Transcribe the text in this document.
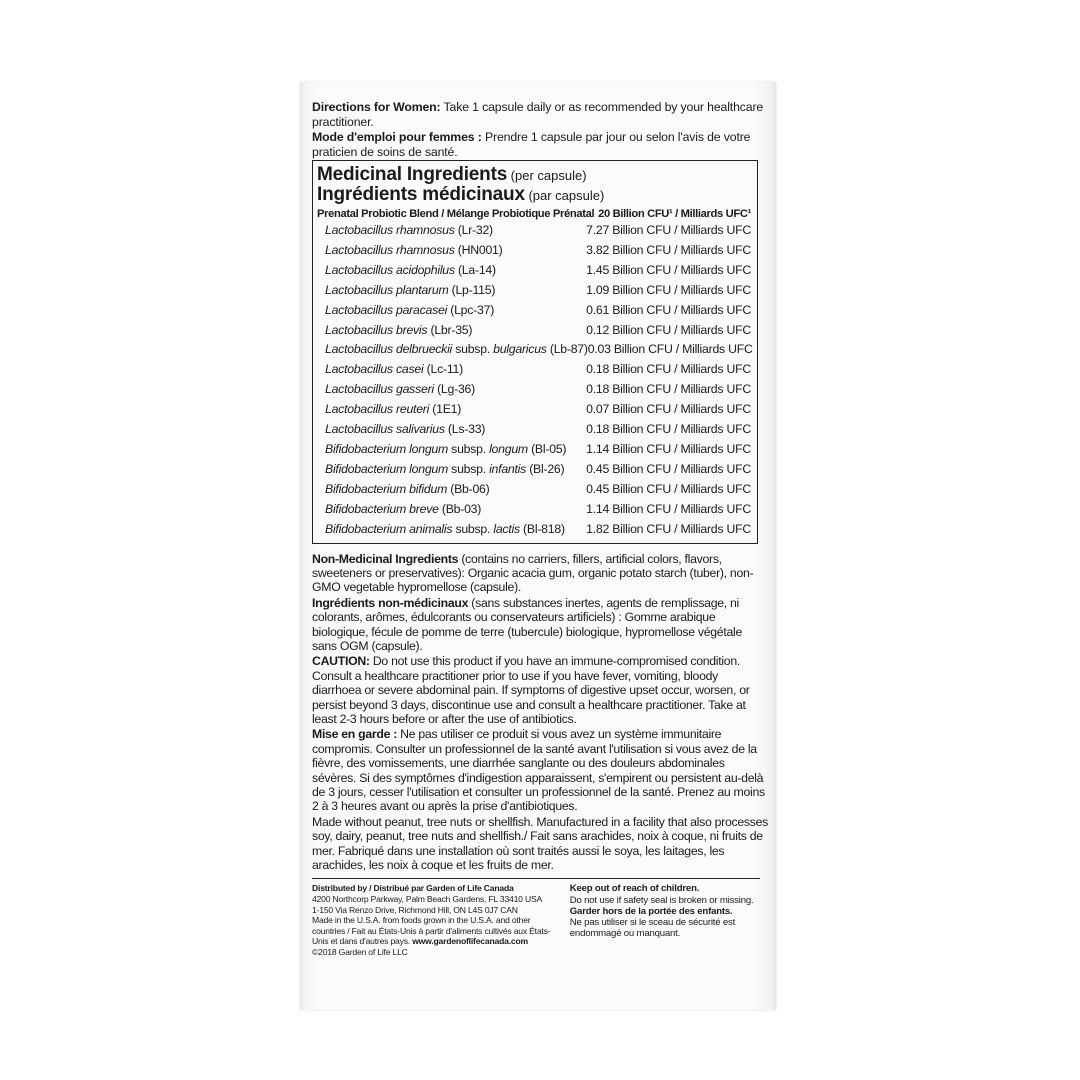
Directions for Women: Take 1 capsule daily or as recommended by your healthcare practitioner.

Mode d'emploi pour femmes : Prendre 1 capsule par jour ou selon l'avis de votre praticien de soins de santé.

Medicinal Ingredients (per capsule)
Ingrédients médicinaux (par capsule)
Prenatal Probiotic Blend / Mélange Probiotique Prénatal 20 Billion CFU¹ / Milliards UFC¹
Lactobacillus rhamnosus (Lr-32)	7.27 Billion CFU / Milliards UFC
Lactobacillus rhamnosus (HN001)	3.82 Billion CFU / Milliards UFC
Lactobacillus acidophilus (La-14)	1.45 Billion CFU / Milliards UFC
Lactobacillus plantarum (Lp-115)	1.09 Billion CFU / Milliards UFC
Lactobacillus paracasei (Lpc-37)	0.61 Billion CFU / Milliards UFC
Lactobacillus brevis (Lbr-35)	0.12 Billion CFU / Milliards UFC
Lactobacillus delbrueckii subsp. bulgaricus (Lb-87) 0.03 Billion CFU / Milliards UFC
Lactobacillus casei (Lc-11)	0.18 Billion CFU / Milliards UFC
Lactobacillus gasseri (Lg-36)	0.18 Billion CFU / Milliards UFC
Lactobacillus reuteri (1E1)	0.07 Billion CFU / Milliards UFC
Lactobacillus salivarius (Ls-33)	0.18 Billion CFU / Milliards UFC
Bifidobacterium longum subsp. longum (Bl-05) 1.14 Billion CFU / Milliards UFC
Bifidobacterium longum subsp. infantis (Bl-26) 0.45 Billion CFU / Milliards UFC
Bifidobacterium bifidum (Bb-06)	0.45 Billion CFU / Milliards UFC
Bifidobacterium breve (Bb-03)	1.14 Billion CFU / Milliards UFC
Bifidobacterium animalis subsp. lactis (Bl-818) 1.82 Billion CFU / Milliards UFC

Non-Medicinal Ingredients (contains no carriers, fillers, artificial colors, flavors, sweeteners or preservatives): Organic acacia gum, organic potato starch (tuber), non-GMO vegetable hypromellose (capsule).

Ingrédients non-médicinaux (sans substances inertes, agents de remplissage, ni colorants, arômes, édulcorants ou conservateurs artificiels) : Gomme arabique biologique, fécule de pomme de terre (tubercule) biologique, hypromellose végétale sans OGM (capsule).

CAUTION: Do not use this product if you have an immune-compromised condition. Consult a healthcare practitioner prior to use if you have fever, vomiting, bloody diarrhoea or severe abdominal pain. If symptoms of digestive upset occur, worsen, or persist beyond 3 days, discontinue use and consult a healthcare practitioner. Take at least 2-3 hours before or after the use of antibiotics.

Mise en garde : Ne pas utiliser ce produit si vous avez un système immunitaire compromis. Consulter un professionnel de la santé avant l'utilisation si vous avez de la fièvre, des vomissements, une diarrhée sanglante ou des douleurs abdominales sévères. Si des symptômes d'indigestion apparaissent, s'empirent ou persistent au-delà de 3 jours, cesser l'utilisation et consulter un professionnel de la santé. Prenez au moins 2 à 3 heures avant ou après la prise d'antibiotiques.

Made without peanut, tree nuts or shellfish. Manufactured in a facility that also processes soy, dairy, peanut, tree nuts and shellfish./ Fait sans arachides, noix à coque, ni fruits de mer. Fabriqué dans une installation où sont traités aussi le soya, les laitages, les arachides, les noix à coque et les fruits de mer.

Distributed by / Distribué par Garden of Life Canada
4200 Northcorp Parkway, Palm Beach Gardens, FL 33410 USA
1-150 Via Renzo Drive, Richmond Hill, ON L4S 0J7 CAN
Made in the U.S.A. from foods grown in the U.S.A. and other countries / Fait au États-Unis à partir d'aliments cultivés aux États-Unis et dans d'autres pays. www.gardenoflifecanada.com
©2018 Garden of Life LLC
Keep out of reach of children.
Do not use if safety seal is broken or missing.
Garder hors de la portée des enfants.
Ne pas utiliser si le sceau de sécurité est endommagé ou manquant.
